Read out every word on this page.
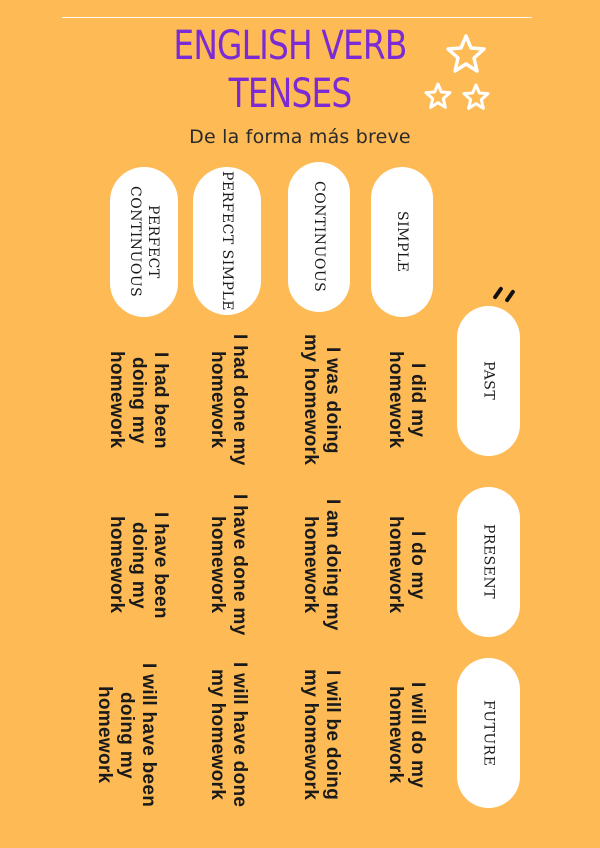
ENGLISH VERB
TENSES
De la forma más breve
SIMPLE
CONTINUOUS
PERFECT SIMPLE
PERFECT CONTINUOUS
PAST
PRESENT
FUTURE
I did my homework
I was doing my homework
I had done my homework
I had been doing my homework
I do my homework
I am doing my homework
I have done my homework
I have been doing my homework
I will do my homework
I will be doing my homework
I will have done my homework
I will have been doing my homework
